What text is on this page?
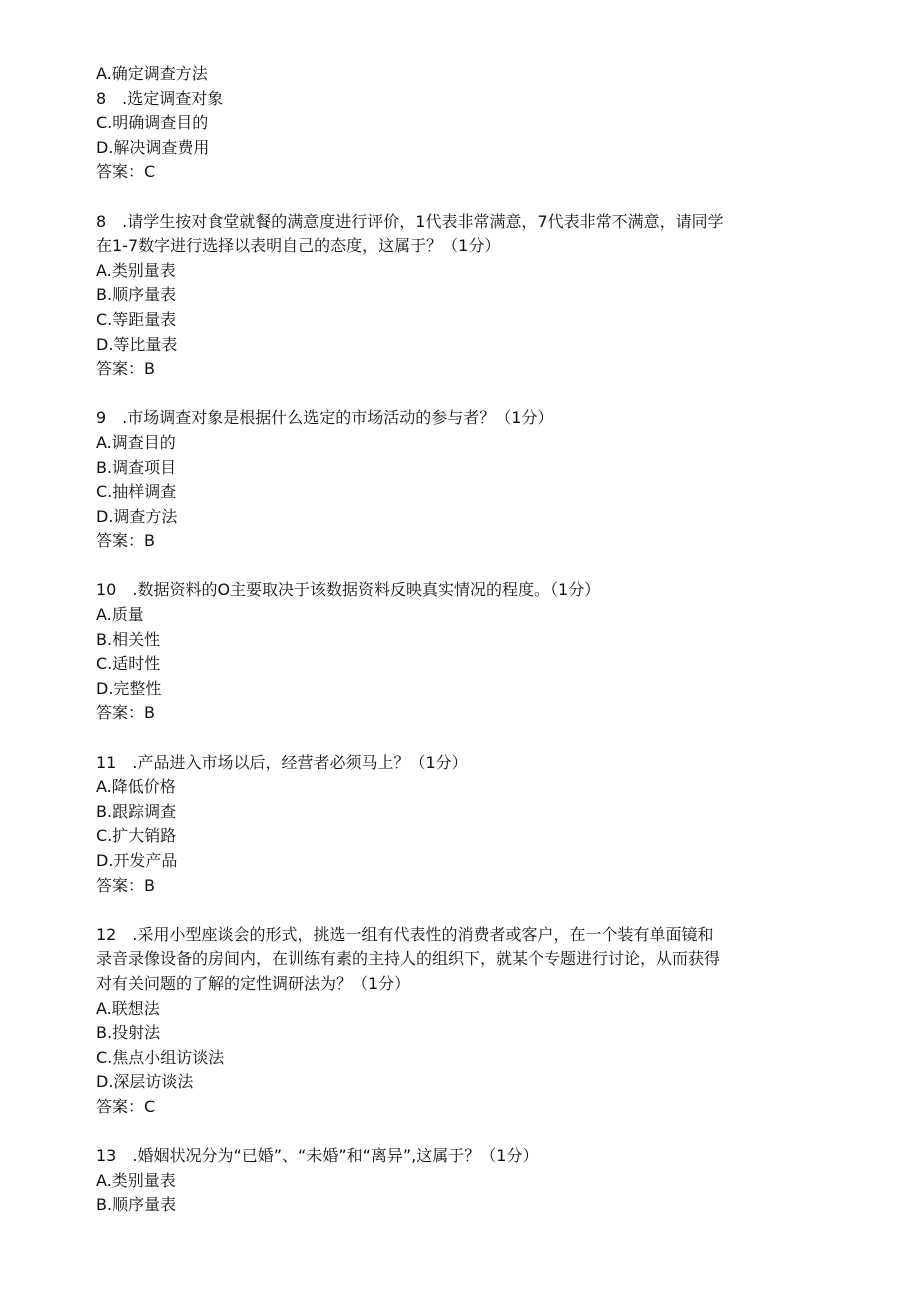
A.确定调查方法
8　.选定调查对象
C.明确调查目的
D.解决调查费用
答案：C
8　.请学生按对食堂就餐的满意度进行评价，1代表非常满意，7代表非常不满意，请同学
在1-7数字进行选择以表明自己的态度，这属于？（1分）
A.类别量表
B.顺序量表
C.等距量表
D.等比量表
答案：B
9　.市场调查对象是根据什么选定的市场活动的参与者？（1分）
A.调查目的
B.调查项目
C.抽样调查
D.调查方法
答案：B
10　.数据资料的O主要取决于该数据资料反映真实情况的程度。（1分）
A.质量
B.相关性
C.适时性
D.完整性
答案：B
11　.产品进入市场以后，经营者必须马上？（1分）
A.降低价格
B.跟踪调查
C.扩大销路
D.开发产品
答案：B
12　.采用小型座谈会的形式，挑选一组有代表性的消费者或客户，在一个装有单面镜和
录音录像设备的房间内，在训练有素的主持人的组织下，就某个专题进行讨论，从而获得
对有关问题的了解的定性调研法为？（1分）
A.联想法
B.投射法
C.焦点小组访谈法
D.深层访谈法
答案：C
13　.婚姻状况分为“已婚”、“未婚”和“离异”,这属于？（1分）
A.类别量表
B.顺序量表
